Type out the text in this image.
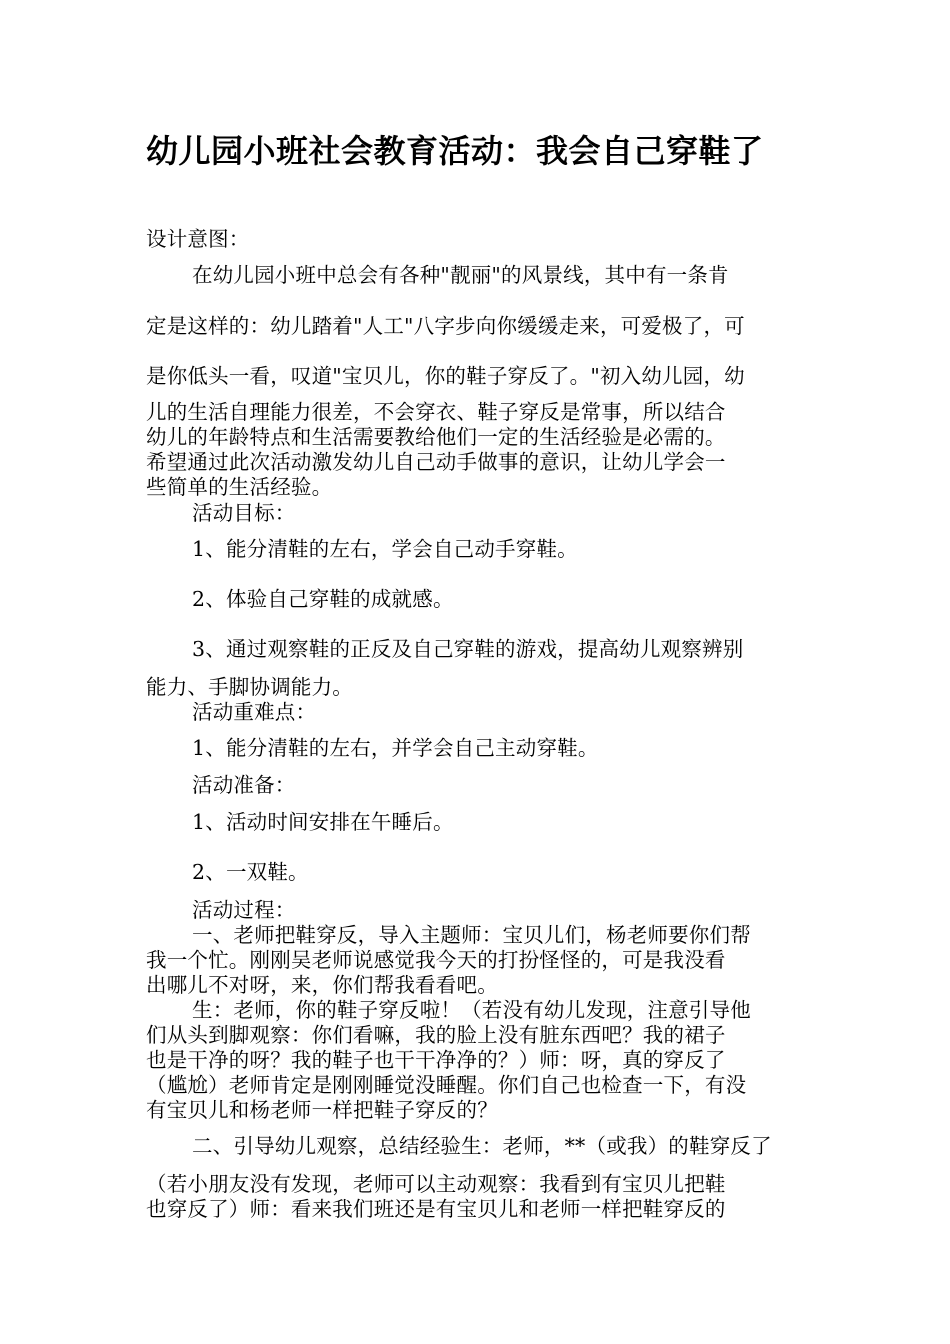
幼儿园小班社会教育活动：我会自己穿鞋了
设计意图：
在幼儿园小班中总会有各种"靓丽"的风景线，其中有一条肯
定是这样的：幼儿踏着"人工"八字步向你缓缓走来，可爱极了，可
是你低头一看，叹道"宝贝儿，你的鞋子穿反了。"初入幼儿园，幼
儿的生活自理能力很差，不会穿衣、鞋子穿反是常事，所以结合
幼儿的年龄特点和生活需要教给他们一定的生活经验是必需的。
希望通过此次活动激发幼儿自己动手做事的意识，让幼儿学会一
些简单的生活经验。
活动目标：
1、能分清鞋的左右，学会自己动手穿鞋。
2、体验自己穿鞋的成就感。
3、通过观察鞋的正反及自己穿鞋的游戏，提高幼儿观察辨别
能力、手脚协调能力。
活动重难点：
1、能分清鞋的左右，并学会自己主动穿鞋。
活动准备：
1、活动时间安排在午睡后。
2、一双鞋。
活动过程：
一、老师把鞋穿反，导入主题师：宝贝儿们，杨老师要你们帮
我一个忙。刚刚吴老师说感觉我今天的打扮怪怪的，可是我没看
出哪儿不对呀，来，你们帮我看看吧。
生：老师，你的鞋子穿反啦！（若没有幼儿发现，注意引导他
们从头到脚观察：你们看嘛，我的脸上没有脏东西吧？我的裙子
也是干净的呀？我的鞋子也干干净净的？）师：呀，真的穿反了
（尴尬）老师肯定是刚刚睡觉没睡醒。你们自己也检查一下，有没
有宝贝儿和杨老师一样把鞋子穿反的？
二、引导幼儿观察，总结经验生：老师，**（或我）的鞋穿反了
（若小朋友没有发现，老师可以主动观察：我看到有宝贝儿把鞋
也穿反了）师：看来我们班还是有宝贝儿和老师一样把鞋穿反的
